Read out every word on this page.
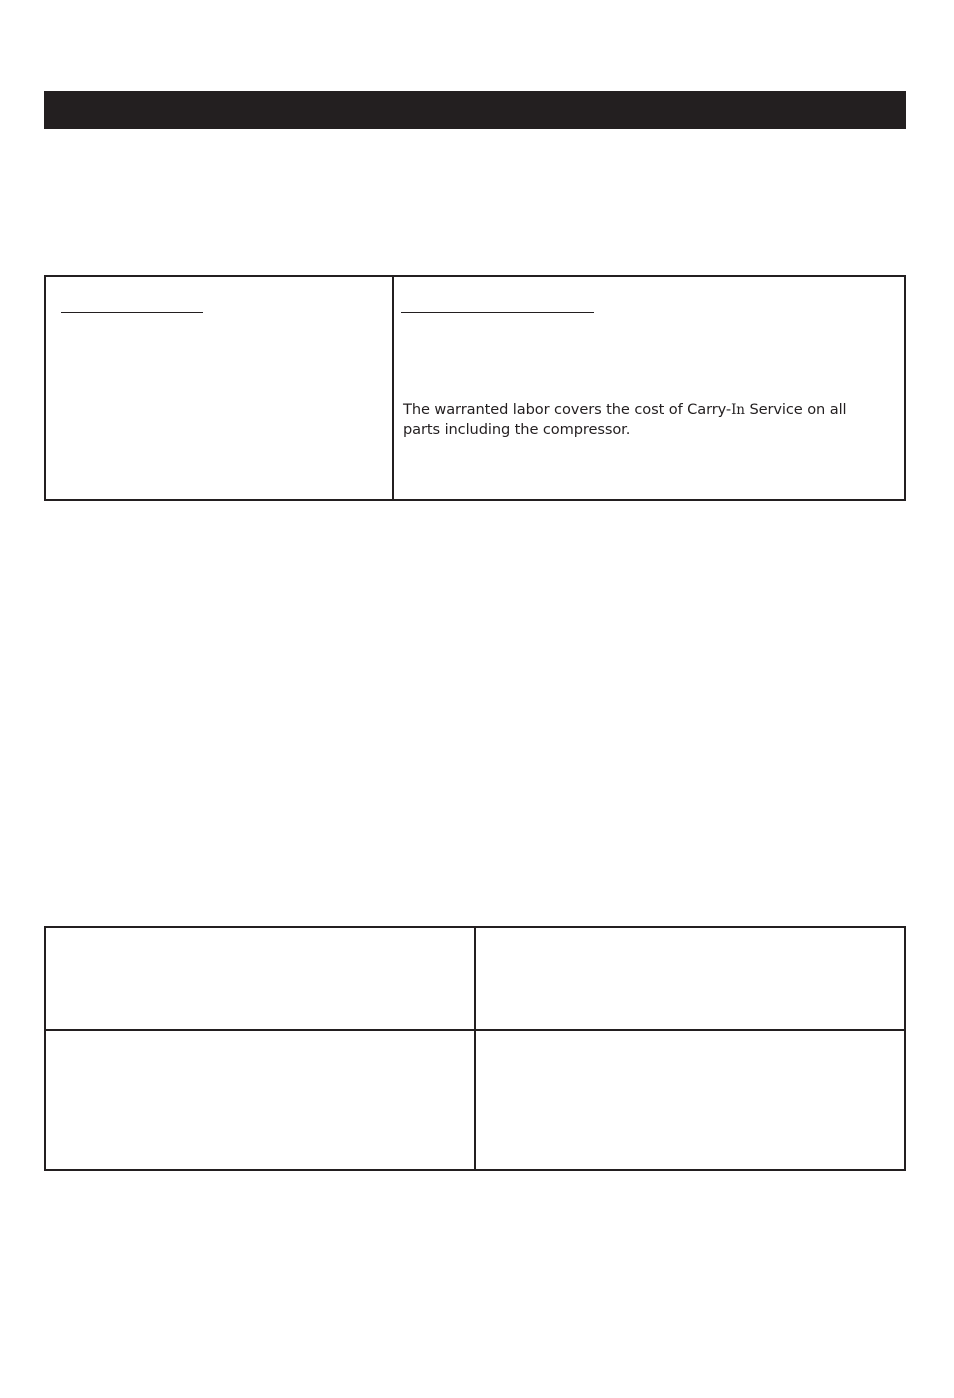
The warranted labor covers the cost of Carry-In Service on all parts including the compressor.
